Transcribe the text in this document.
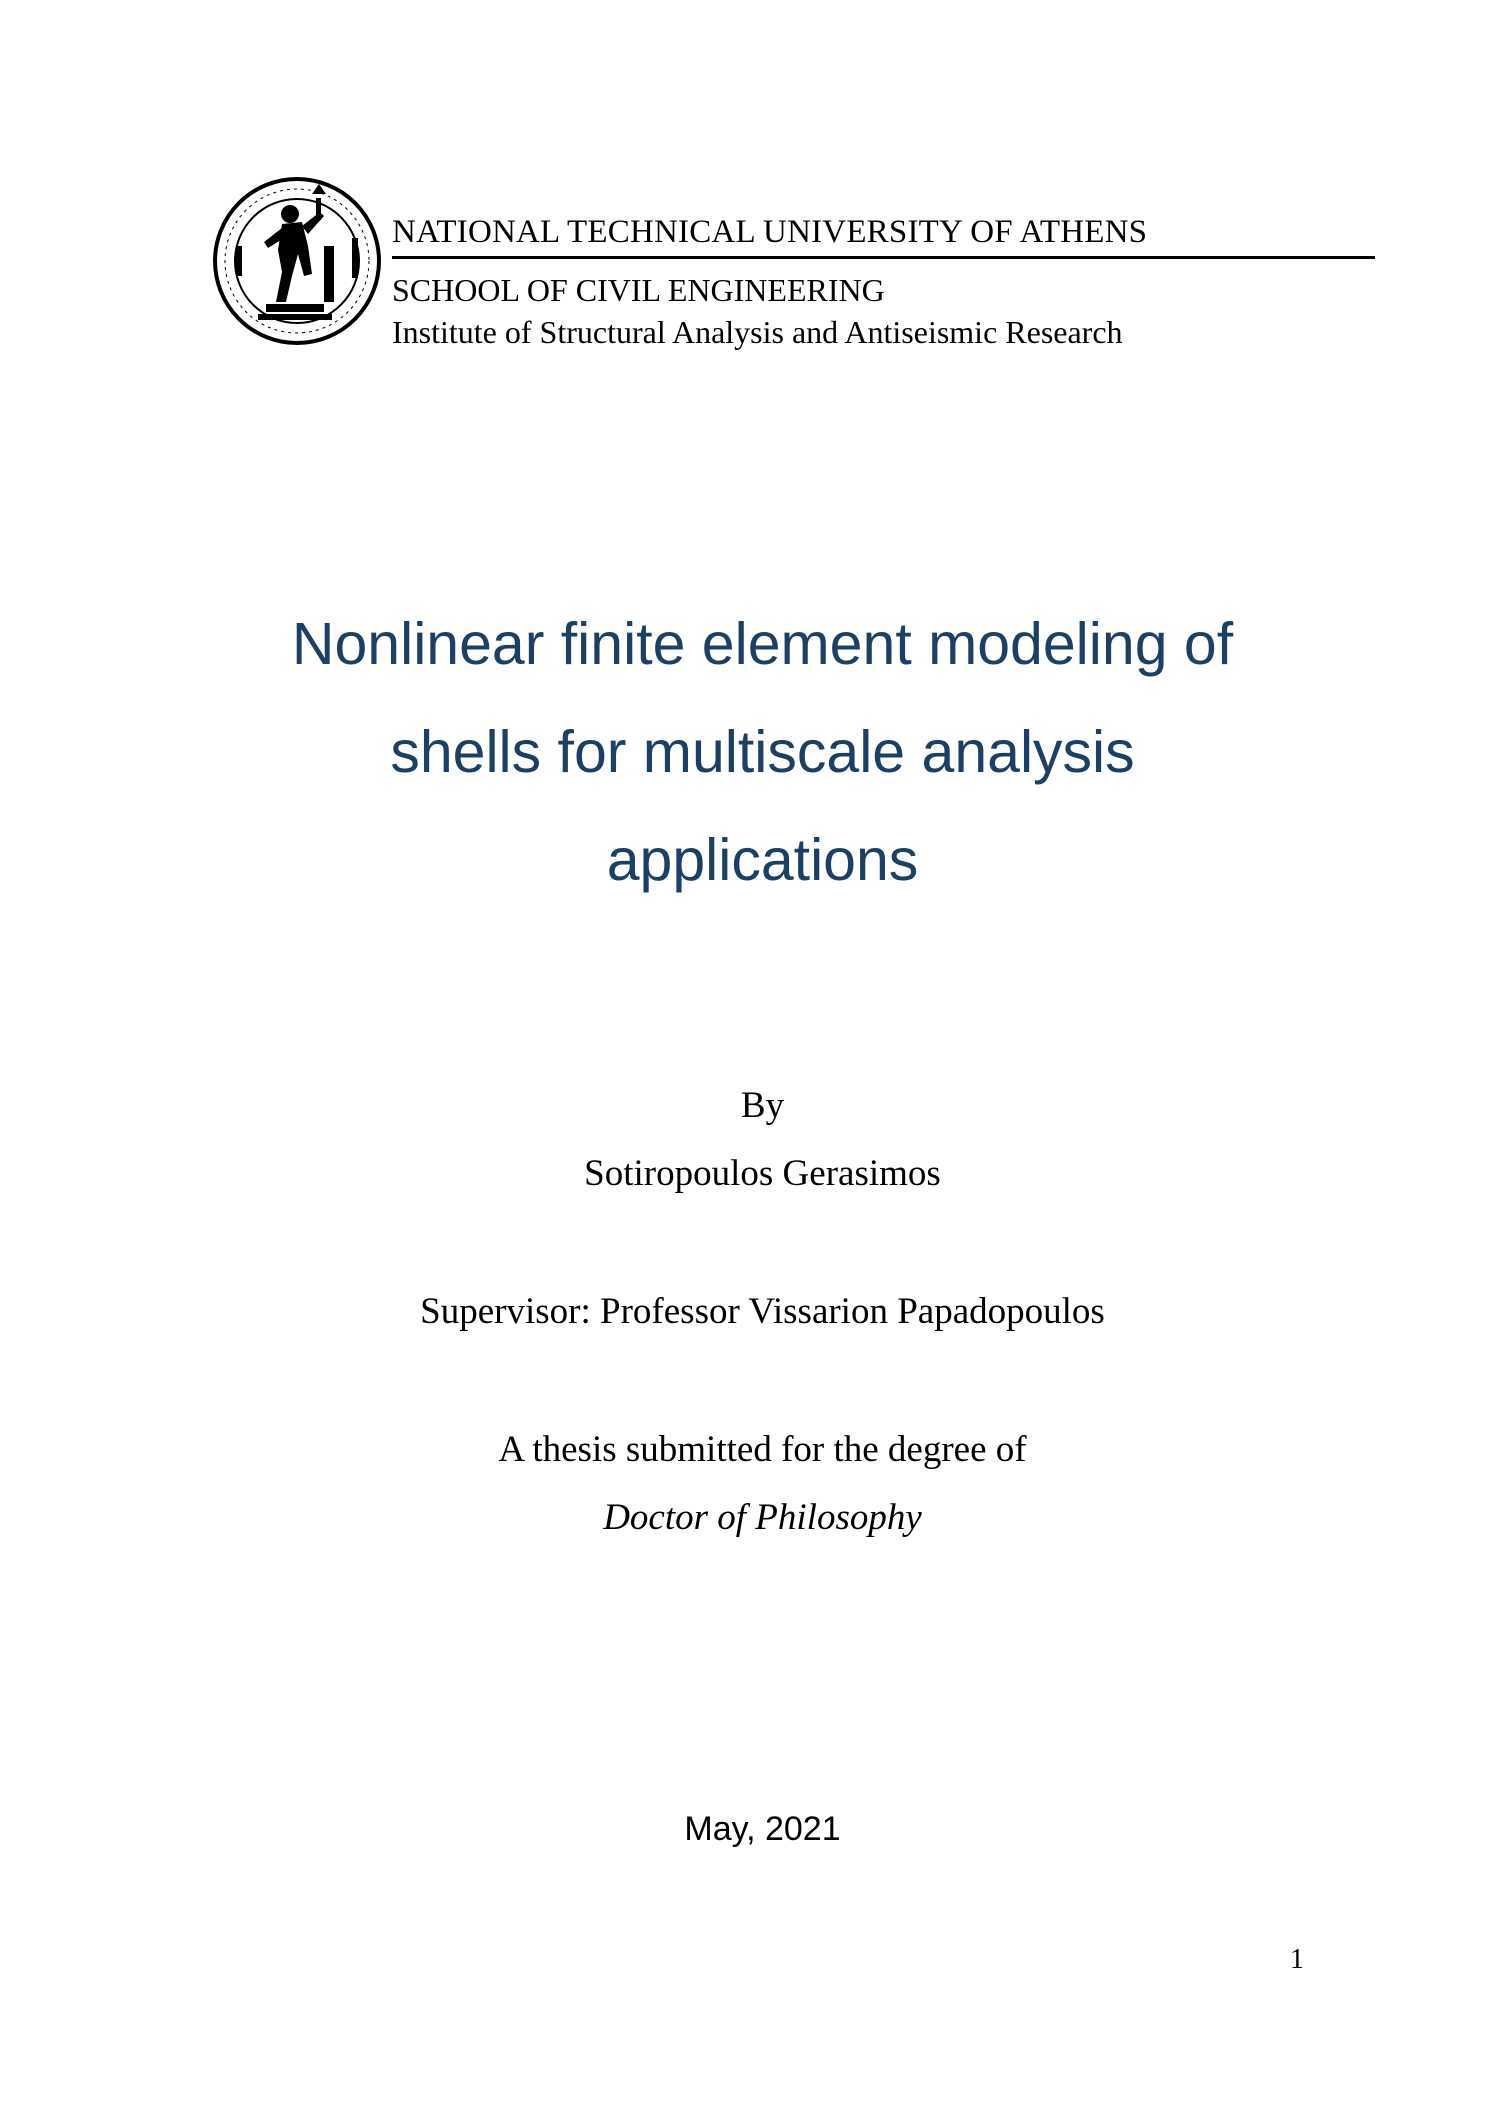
NATIONAL TECHNICAL UNIVERSITY OF ATHENS
SCHOOL OF CIVIL ENGINEERING
Institute of Structural Analysis and Antiseismic Research
Nonlinear finite element modeling of
shells for multiscale analysis
applications
By
Sotiropoulos Gerasimos
Supervisor: Professor Vissarion Papadopoulos
A thesis submitted for the degree of
Doctor of Philosophy
May, 2021
1
